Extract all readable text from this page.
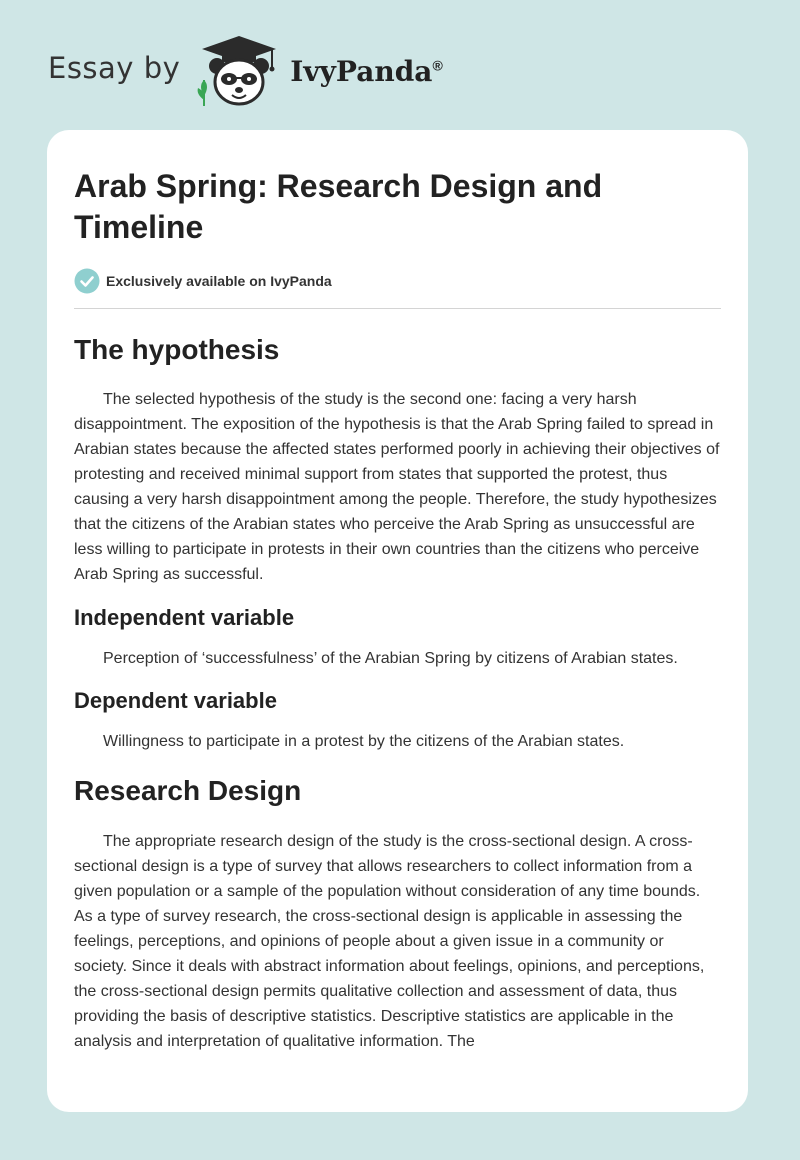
Essay by	IvyPanda®
Arab Spring: Research Design and Timeline
Exclusively available on IvyPanda
The hypothesis

The selected hypothesis of the study is the second one: facing a very harsh disappointment. The exposition of the hypothesis is that the Arab Spring failed to spread in Arabian states because the affected states performed poorly in achieving their objectives of protesting and received minimal support from states that supported the protest, thus causing a very harsh disappointment among the people. Therefore, the study hypothesizes that the citizens of the Arabian states who perceive the Arab Spring as unsuccessful are less willing to participate in protests in their own countries than the citizens who perceive Arab Spring as successful.

Independent variable

Perception of ‘successfulness’ of the Arabian Spring by citizens of Arabian states.

Dependent variable

Willingness to participate in a protest by the citizens of the Arabian states.

Research Design

The appropriate research design of the study is the cross-sectional design. A cross-sectional design is a type of survey that allows researchers to collect information from a given population or a sample of the population without consideration of any time bounds. As a type of survey research, the cross-sectional design is applicable in assessing the feelings, perceptions, and opinions of people about a given issue in a community or society. Since it deals with abstract information about feelings, opinions, and perceptions, the cross-sectional design permits qualitative collection and assessment of data, thus providing the basis of descriptive statistics. Descriptive statistics are applicable in the analysis and interpretation of qualitative information. The
